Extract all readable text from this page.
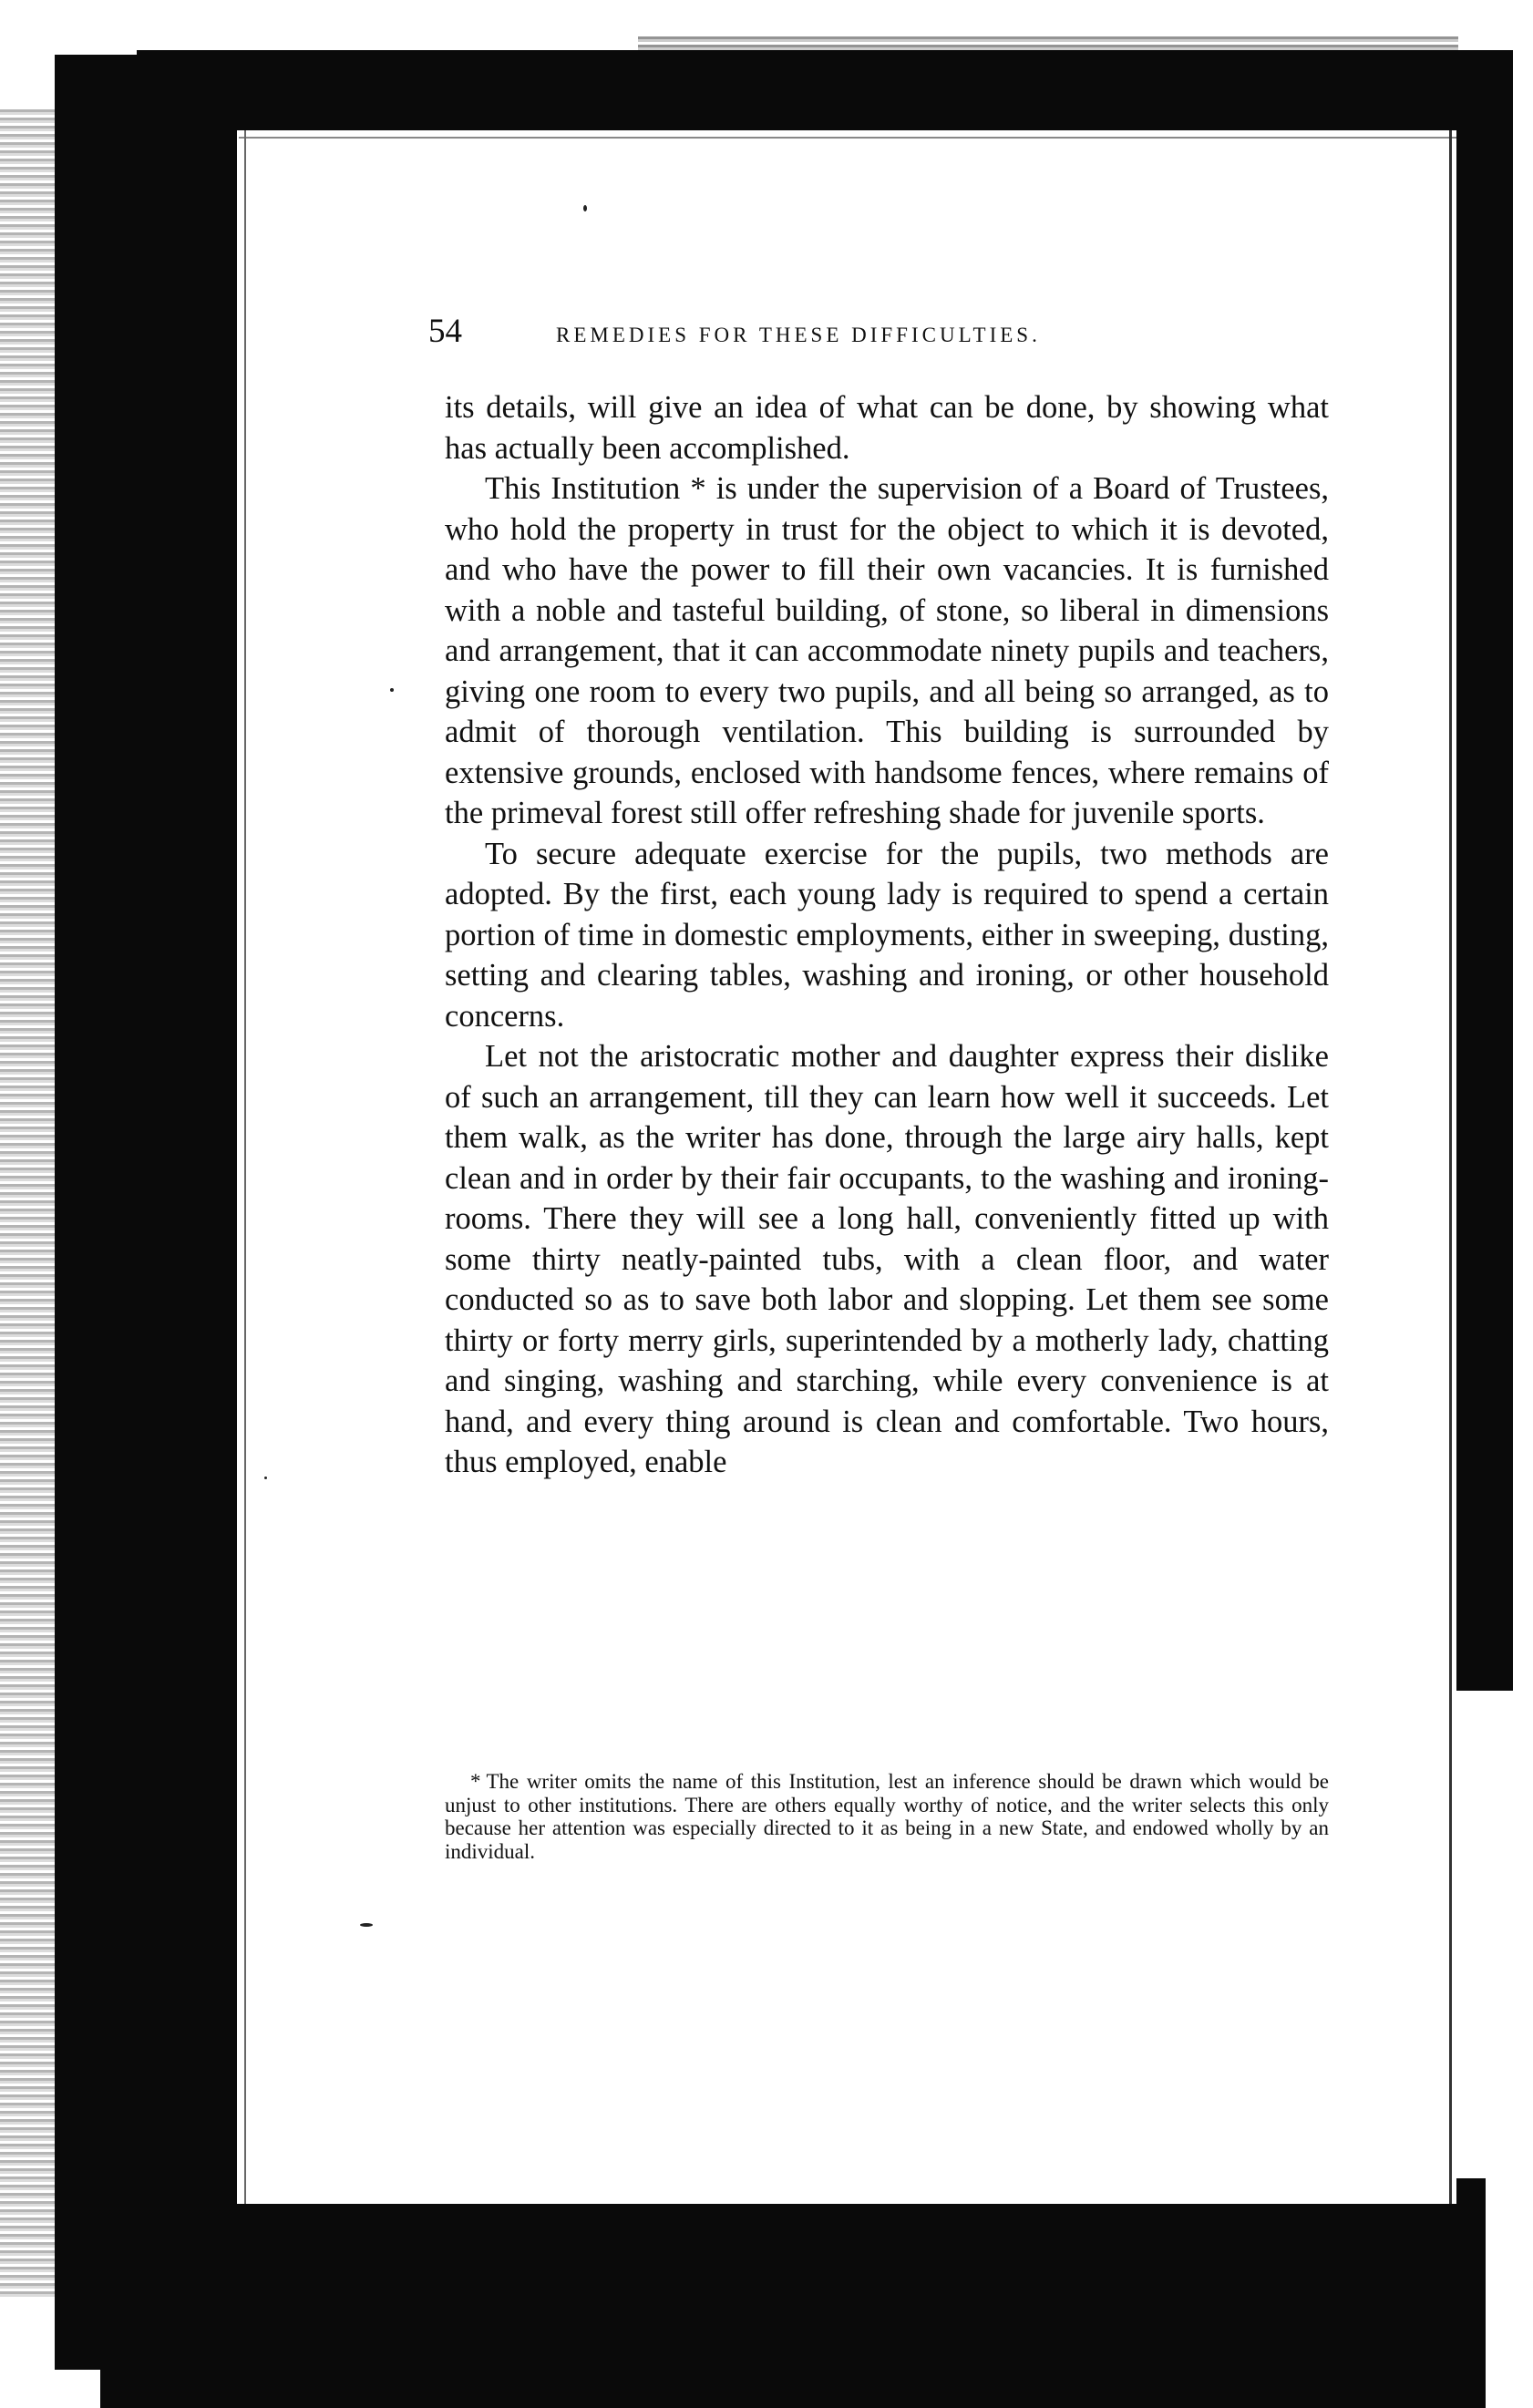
54	REMEDIES FOR THESE DIFFICULTIES.

its details, will give an idea of what can be done, by showing what has actually been accomplished.

This Institution * is under the supervision of a Board of Trustees, who hold the property in trust for the object to which it is devoted, and who have the power to fill their own vacancies. It is furnished with a noble and tasteful building, of stone, so liberal in dimensions and arrangement, that it can accommodate ninety pupils and teachers, giving one room to every two pupils, and all being so arranged, as to admit of thorough ventilation. This building is surrounded by extensive grounds, enclosed with handsome fences, where remains of the primeval forest still offer refreshing shade for juvenile sports.

To secure adequate exercise for the pupils, two methods are adopted. By the first, each young lady is required to spend a certain portion of time in domestic employments, either in sweeping, dusting, setting and clearing tables, washing and ironing, or other household concerns.

Let not the aristocratic mother and daughter express their dislike of such an arrangement, till they can learn how well it succeeds. Let them walk, as the writer has done, through the large airy halls, kept clean and in order by their fair occupants, to the washing and ironing-rooms. There they will see a long hall, conveniently fitted up with some thirty neatly-painted tubs, with a clean floor, and water conducted so as to save both labor and slopping. Let them see some thirty or forty merry girls, superintended by a motherly lady, chatting and singing, washing and starching, while every convenience is at hand, and every thing around is clean and comfortable. Two hours, thus employed, enable

* The writer omits the name of this Institution, lest an inference should be drawn which would be unjust to other institutions. There are others equally worthy of notice, and the writer selects this only because her attention was especially directed to it as being in a new State, and endowed wholly by an individual.
